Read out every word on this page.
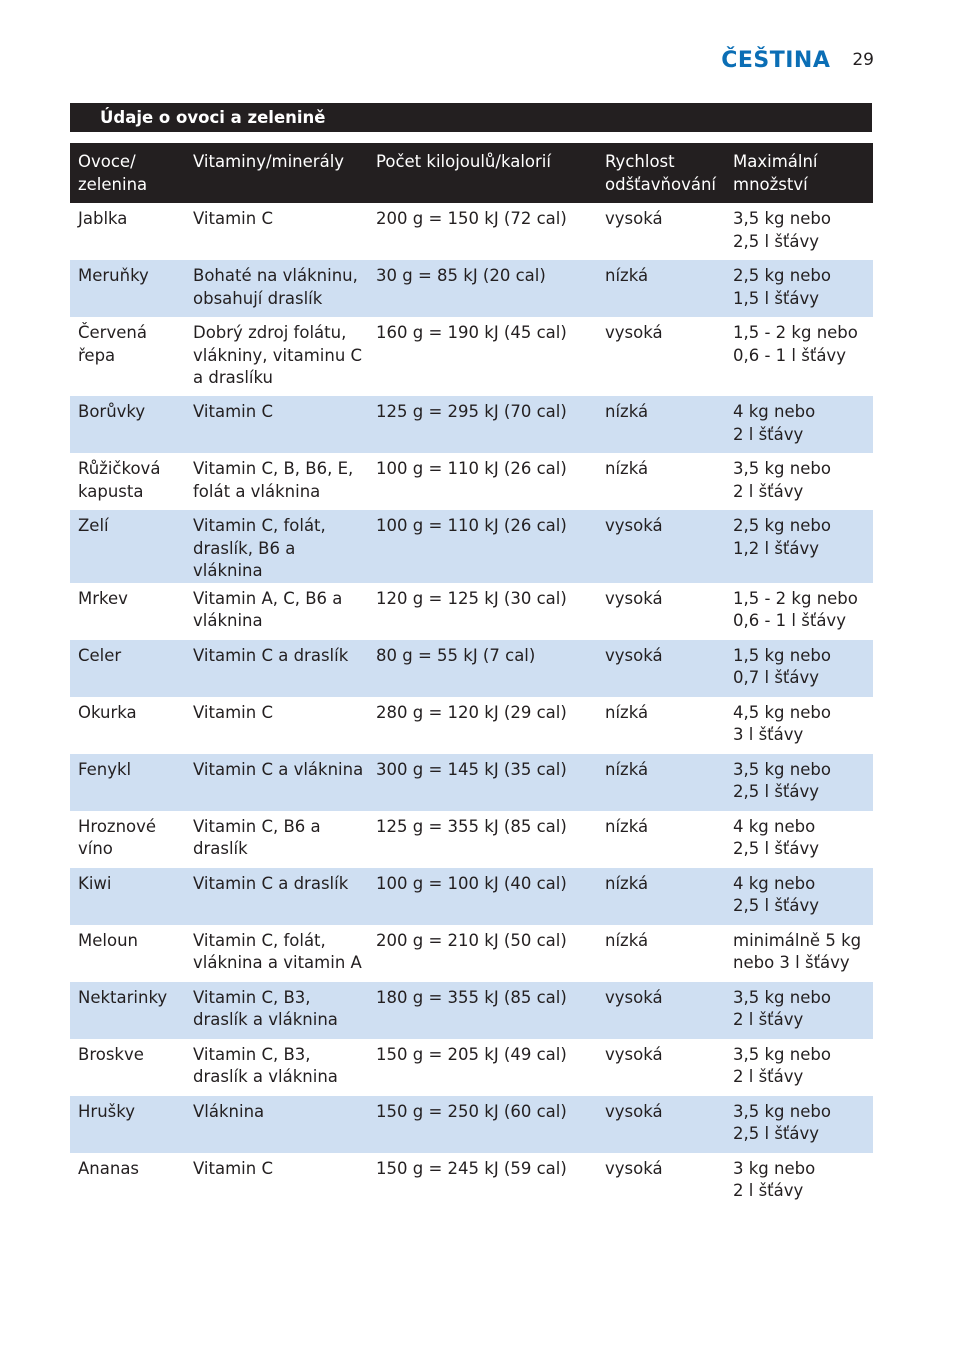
ČEŠTINA 29
Údaje o ovoci a zelenině
Ovoce/
zelenina	Vitaminy/minerály	Počet kilojoulů/kalorií	Rychlost
odšťavňování	Maximální
množství
Jablka	Vitamin C	200 g = 150 kJ (72 cal)	vysoká	3,5 kg nebo
2,5 l šťávy
Meruňky	Bohaté na vlákninu,
obsahují draslík	30 g = 85 kJ (20 cal)	nízká	2,5 kg nebo
1,5 l šťávy
Červená
řepa	Dobrý zdroj folátu,
vlákniny, vitaminu C
a draslíku	160 g = 190 kJ (45 cal)	vysoká	1,5 - 2 kg nebo
0,6 - 1 l šťávy
Borůvky	Vitamin C	125 g = 295 kJ (70 cal)	nízká	4 kg nebo
2 l šťávy
Růžičková
kapusta	Vitamin C, B, B6, E,
folát a vláknina	100 g = 110 kJ (26 cal)	nízká	3,5 kg nebo
2 l šťávy
Zelí	Vitamin C, folát,
draslík, B6 a vláknina	100 g = 110 kJ (26 cal)	vysoká	2,5 kg nebo
1,2 l šťávy
Mrkev	Vitamin A, C, B6 a
vláknina	120 g = 125 kJ (30 cal)	vysoká	1,5 - 2 kg nebo
0,6 - 1 l šťávy
Celer	Vitamin C a draslík	80 g = 55 kJ (7 cal)	vysoká	1,5 kg nebo
0,7 l šťávy
Okurka	Vitamin C	280 g = 120 kJ (29 cal)	nízká	4,5 kg nebo
3 l šťávy
Fenykl	Vitamin C a vláknina	300 g = 145 kJ (35 cal)	nízká	3,5 kg nebo
2,5 l šťávy
Hroznové
víno	Vitamin C, B6 a
draslík	125 g = 355 kJ (85 cal)	nízká	4 kg nebo
2,5 l šťávy
Kiwi	Vitamin C a draslík	100 g = 100 kJ (40 cal)	nízká	4 kg nebo
2,5 l šťávy
Meloun	Vitamin C, folát,
vláknina a vitamin A	200 g = 210 kJ (50 cal)	nízká	minimálně 5 kg
nebo 3 l šťávy
Nektarinky	Vitamin C, B3,
draslík a vláknina	180 g = 355 kJ (85 cal)	vysoká	3,5 kg nebo
2 l šťávy
Broskve	Vitamin C, B3,
draslík a vláknina	150 g = 205 kJ (49 cal)	vysoká	3,5 kg nebo
2 l šťávy
Hrušky	Vláknina	150 g = 250 kJ (60 cal)	vysoká	3,5 kg nebo
2,5 l šťávy
Ananas	Vitamin C	150 g = 245 kJ (59 cal)	vysoká	3 kg nebo
2 l šťávy
